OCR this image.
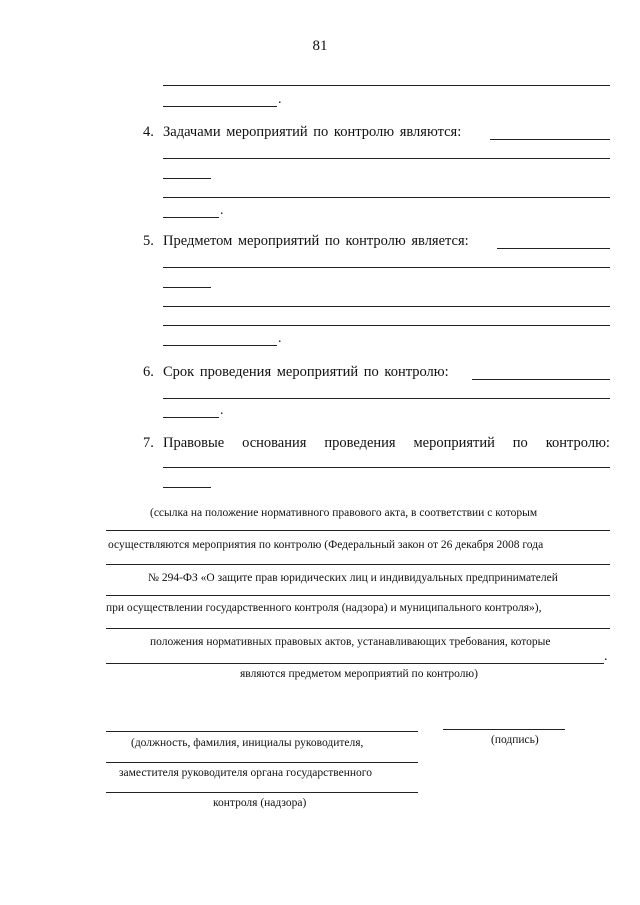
81
.
4. Задачами мероприятий по контролю являются:
.
5. Предметом мероприятий по контролю является:
.
6. Срок проведения мероприятий по контролю:
.
7. Правовые основания проведения мероприятий по контролю:
(ссылка на положение нормативного правового акта, в соответствии с которым
осуществляются мероприятия по контролю (Федеральный закон от 26 декабря 2008 года
№ 294-ФЗ «О защите прав юридических лиц и индивидуальных предпринимателей
при осуществлении государственного контроля (надзора) и муниципального контроля»),
положения нормативных правовых актов, устанавливающих требования, которые
.
являются предметом мероприятий по контролю)
(должность, фамилия, инициалы руководителя,	(подпись)
заместителя руководителя органа государственного
контроля (надзора)
